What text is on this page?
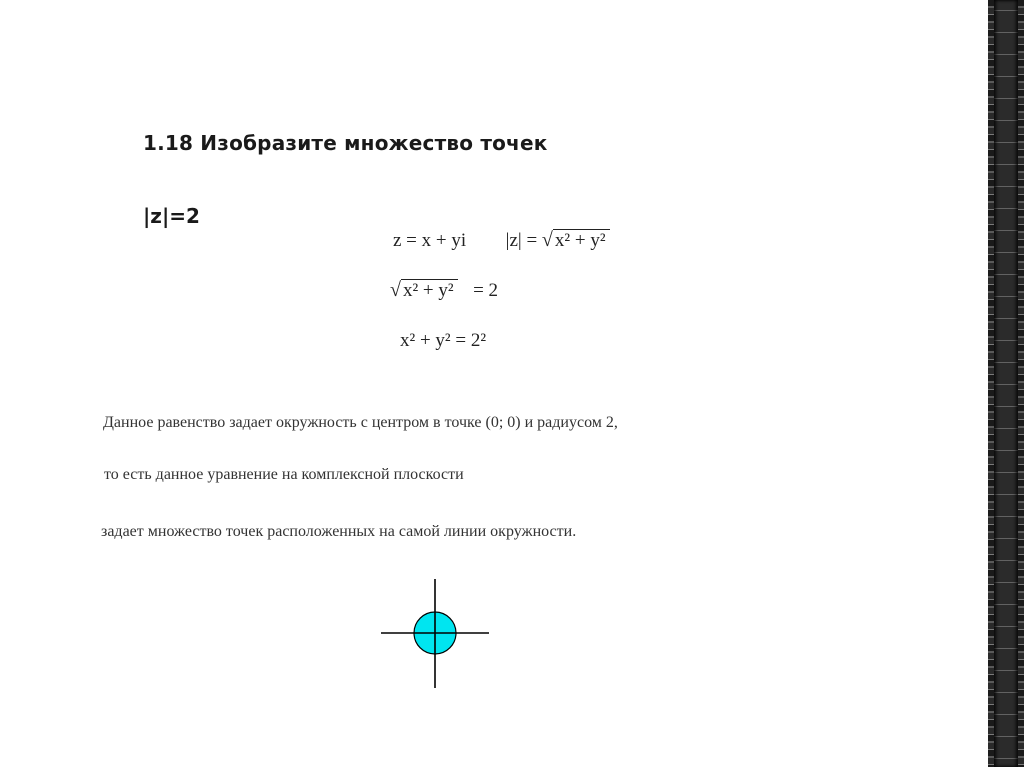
1.18 Изобразите множество точек
|z|=2
z = x + yi |z| = √ x² + y²
√ x² + y² = 2
x² + y² = 2²
Данное равенство задает окружность с центром в точке (0; 0) и радиусом 2,
то есть данное уравнение на комплексной плоскости
задает множество точек расположенных на самой линии окружности.
